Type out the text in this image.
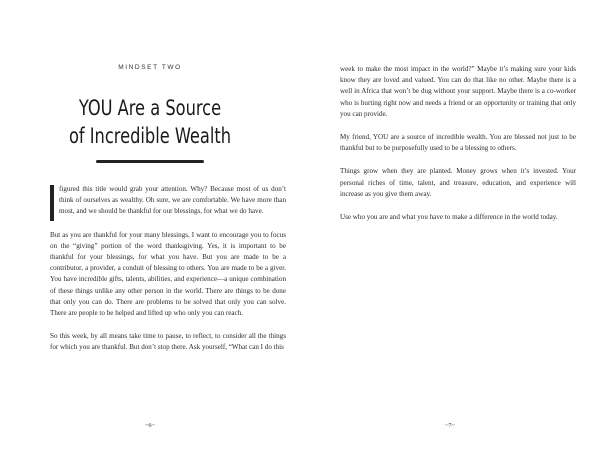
MINDSET TWO
YOU Are a Source
of Incredible Wealth

figured this title would grab your attention. Why? Because most of us don’t think of ourselves as wealthy. Oh sure, we are comfortable. We have more than most, and we should be thankful for our blessings, for what we do have.

But as you are thankful for your many blessings, I want to encourage you to focus on the “giving” portion of the word thanksgiving. Yes, it is important to be thankful for your blessings, for what you have. But you are made to be a contributor, a provider, a conduit of blessing to others. You are made to be a giver. You have incredible gifts, talents, abilities, and experience—a unique combination of these things unlike any other person in the world. There are things to be done that only you can do. There are problems to be solved that only you can solve. There are people to be helped and lifted up who only you can reach.

So this week, by all means take time to pause, to reflect, to consider all the things for which you are thankful. But don’t stop there. Ask yourself, “What can I do this

~6~

week to make the most impact in the world?” Maybe it’s making sure your kids know they are loved and valued. You can do that like no other. Maybe there is a well in Africa that won’t be dug without your support. Maybe there is a co-worker who is hurting right now and needs a friend or an opportunity or training that only you can provide.

My friend, YOU are a source of incredible wealth. You are blessed not just to be thankful but to be purposefully used to be a blessing to others.

Things grow when they are planted. Money grows when it’s invested. Your personal riches of time, talent, and treasure, education, and experience will increase as you give them away.

Use who you are and what you have to make a difference in the world today.

~7~
